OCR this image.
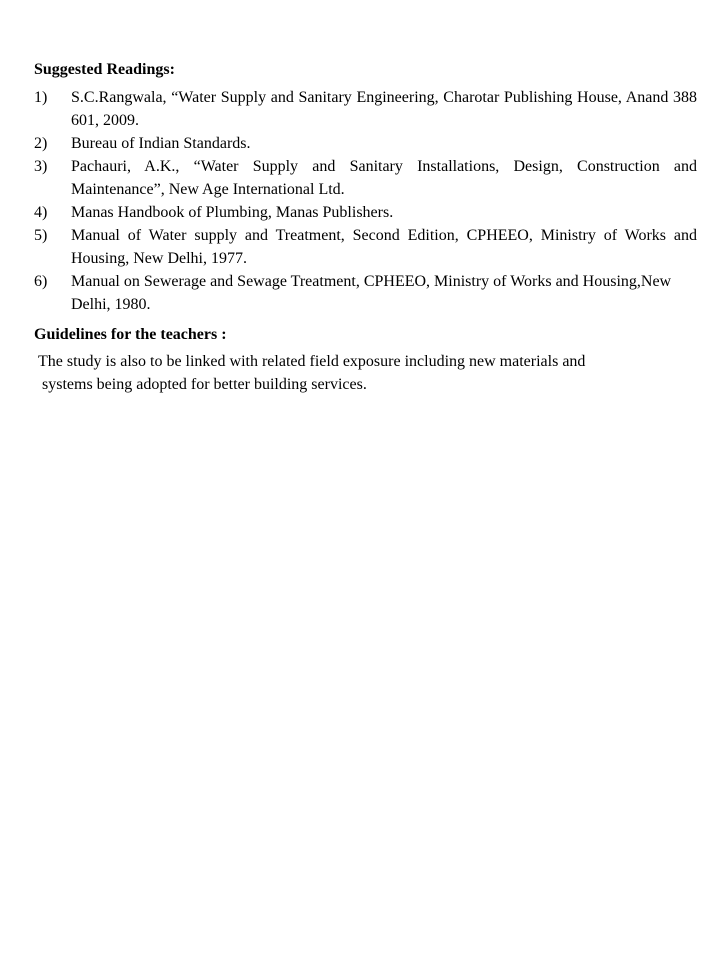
Suggested Readings:
1) S.C.Rangwala, “Water Supply and Sanitary Engineering, Charotar Publishing House, Anand 388 601, 2009.
2) Bureau of Indian Standards.
3) Pachauri, A.K., “Water Supply and Sanitary Installations, Design, Construction and Maintenance”, New Age International Ltd.
4) Manas Handbook of Plumbing, Manas Publishers.
5) Manual of Water supply and Treatment, Second Edition, CPHEEO, Ministry of Works and Housing, New Delhi, 1977.
6) Manual on Sewerage and Sewage Treatment, CPHEEO, Ministry of Works and Housing,New Delhi, 1980.
Guidelines for the teachers :
The study is also to be linked with related field exposure including new materials and
systems being adopted for better building services.
